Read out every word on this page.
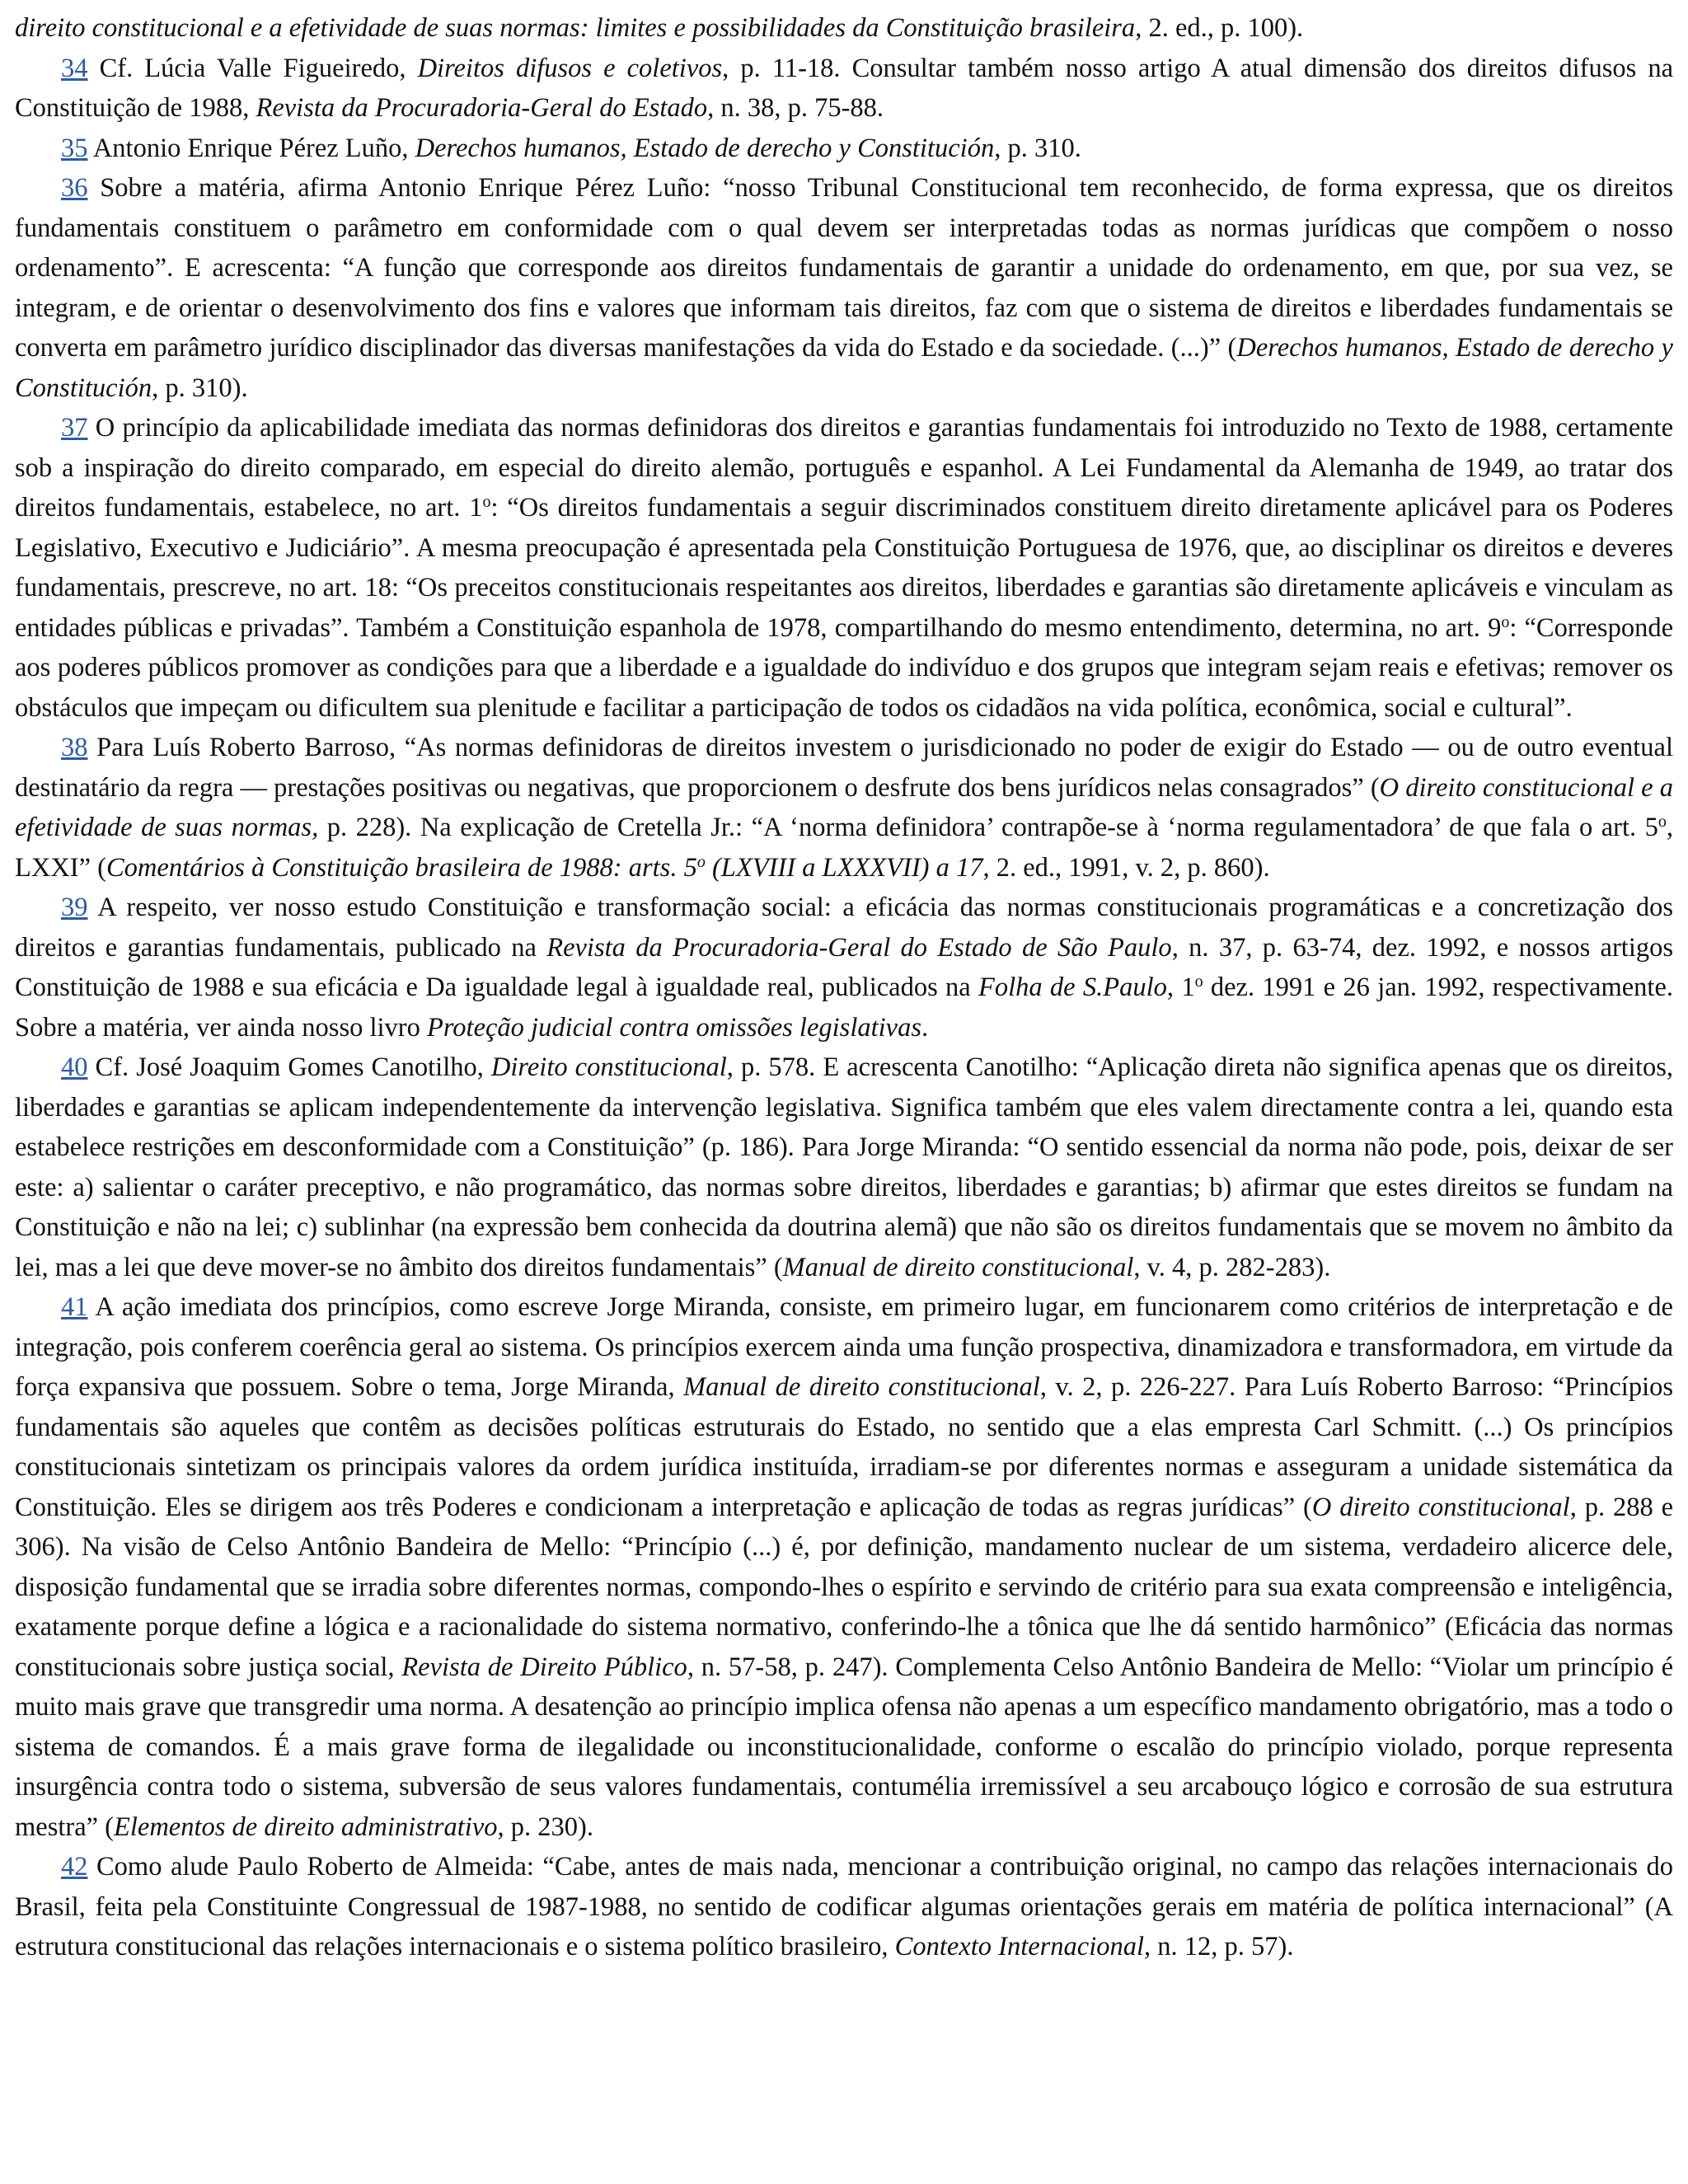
direito constitucional e a efetividade de suas normas: limites e possibilidades da Constituição brasileira, 2. ed., p. 100).

34 Cf. Lúcia Valle Figueiredo, Direitos difusos e coletivos, p. 11-18. Consultar também nosso artigo A atual dimensão dos direitos difusos na Constituição de 1988, Revista da Procuradoria-Geral do Estado, n. 38, p. 75-88.

35 Antonio Enrique Pérez Luño, Derechos humanos, Estado de derecho y Constitución, p. 310.

36 Sobre a matéria, afirma Antonio Enrique Pérez Luño: “nosso Tribunal Constitucional tem reconhecido, de forma expressa, que os direitos fundamentais constituem o parâmetro em conformidade com o qual devem ser interpretadas todas as normas jurídicas que compõem o nosso ordenamento”. E acrescenta: “A função que corresponde aos direitos fundamentais de garantir a unidade do ordenamento, em que, por sua vez, se integram, e de orientar o desenvolvimento dos fins e valores que informam tais direitos, faz com que o sistema de direitos e liberdades fundamentais se converta em parâmetro jurídico disciplinador das diversas manifestações da vida do Estado e da sociedade. (...)” (Derechos humanos, Estado de derecho y Constitución, p. 310).

37 O princípio da aplicabilidade imediata das normas definidoras dos direitos e garantias fundamentais foi introduzido no Texto de 1988, certamente sob a inspiração do direito comparado, em especial do direito alemão, português e espanhol. A Lei Fundamental da Alemanha de 1949, ao tratar dos direitos fundamentais, estabelece, no art. 1$^o$: “Os direitos fundamentais a seguir discriminados constituem direito diretamente aplicável para os Poderes Legislativo, Executivo e Judiciário”. A mesma preocupação é apresentada pela Constituição Portuguesa de 1976, que, ao disciplinar os direitos e deveres fundamentais, prescreve, no art. 18: “Os preceitos constitucionais respeitantes aos direitos, liberdades e garantias são diretamente aplicáveis e vinculam as entidades públicas e privadas”. Também a Constituição espanhola de 1978, compartilhando do mesmo entendimento, determina, no art. 9$^o$: “Corresponde aos poderes públicos promover as condições para que a liberdade e a igualdade do indivíduo e dos grupos que integram sejam reais e efetivas; remover os obstáculos que impeçam ou dificultem sua plenitude e facilitar a participação de todos os cidadãos na vida política, econômica, social e cultural”.

38 Para Luís Roberto Barroso, “As normas definidoras de direitos investem o jurisdicionado no poder de exigir do Estado — ou de outro eventual destinatário da regra — prestações positivas ou negativas, que proporcionem o desfrute dos bens jurídicos nelas consagrados” (O direito constitucional e a efetividade de suas normas, p. 228). Na explicação de Cretella Jr.: “A ‘norma definidora’ contrapõe-se à ‘norma regulamentadora’ de que fala o art. 5$^o$, LXXI” (Comentários à Constituição brasileira de 1988: arts. 5$^o$ (LXVIII a LXXXVII) a 17, 2. ed., 1991, v. 2, p. 860).

39 A respeito, ver nosso estudo Constituição e transformação social: a eficácia das normas constitucionais programáticas e a concretização dos direitos e garantias fundamentais, publicado na Revista da Procuradoria-Geral do Estado de São Paulo, n. 37, p. 63-74, dez. 1992, e nossos artigos Constituição de 1988 e sua eficácia e Da igualdade legal à igualdade real, publicados na Folha de S.Paulo, 1$^o$ dez. 1991 e 26 jan. 1992, respectivamente. Sobre a matéria, ver ainda nosso livro Proteção judicial contra omissões legislativas.

40 Cf. José Joaquim Gomes Canotilho, Direito constitucional, p. 578. E acrescenta Canotilho: “Aplicação direta não significa apenas que os direitos, liberdades e garantias se aplicam independentemente da intervenção legislativa. Significa também que eles valem directamente contra a lei, quando esta estabelece restrições em desconformidade com a Constituição” (p. 186). Para Jorge Miranda: “O sentido essencial da norma não pode, pois, deixar de ser este: a) salientar o caráter preceptivo, e não programático, das normas sobre direitos, liberdades e garantias; b) afirmar que estes direitos se fundam na Constituição e não na lei; c) sublinhar (na expressão bem conhecida da doutrina alemã) que não são os direitos fundamentais que se movem no âmbito da lei, mas a lei que deve mover-se no âmbito dos direitos fundamentais” (Manual de direito constitucional, v. 4, p. 282-283).

41 A ação imediata dos princípios, como escreve Jorge Miranda, consiste, em primeiro lugar, em funcionarem como critérios de interpretação e de integração, pois conferem coerência geral ao sistema. Os princípios exercem ainda uma função prospectiva, dinamizadora e transformadora, em virtude da força expansiva que possuem. Sobre o tema, Jorge Miranda, Manual de direito constitucional, v. 2, p. 226-227. Para Luís Roberto Barroso: “Princípios fundamentais são aqueles que contêm as decisões políticas estruturais do Estado, no sentido que a elas empresta Carl Schmitt. (...) Os princípios constitucionais sintetizam os principais valores da ordem jurídica instituída, irradiam-se por diferentes normas e asseguram a unidade sistemática da Constituição. Eles se dirigem aos três Poderes e condicionam a interpretação e aplicação de todas as regras jurídicas” (O direito constitucional, p. 288 e 306). Na visão de Celso Antônio Bandeira de Mello: “Princípio (...) é, por definição, mandamento nuclear de um sistema, verdadeiro alicerce dele, disposição fundamental que se irradia sobre diferentes normas, compondo-lhes o espírito e servindo de critério para sua exata compreensão e inteligência, exatamente porque define a lógica e a racionalidade do sistema normativo, conferindo-lhe a tônica que lhe dá sentido harmônico” (Eficácia das normas constitucionais sobre justiça social, Revista de Direito Público, n. 57-58, p. 247). Complementa Celso Antônio Bandeira de Mello: “Violar um princípio é muito mais grave que transgredir uma norma. A desatenção ao princípio implica ofensa não apenas a um específico mandamento obrigatório, mas a todo o sistema de comandos. É a mais grave forma de ilegalidade ou inconstitucionalidade, conforme o escalão do princípio violado, porque representa insurgência contra todo o sistema, subversão de seus valores fundamentais, contumélia irremissível a seu arcabouço lógico e corrosão de sua estrutura mestra” (Elementos de direito administrativo, p. 230).

42 Como alude Paulo Roberto de Almeida: “Cabe, antes de mais nada, mencionar a contribuição original, no campo das relações internacionais do Brasil, feita pela Constituinte Congressual de 1987-1988, no sentido de codificar algumas orientações gerais em matéria de política internacional” (A estrutura constitucional das relações internacionais e o sistema político brasileiro, Contexto Internacional, n. 12, p. 57).
